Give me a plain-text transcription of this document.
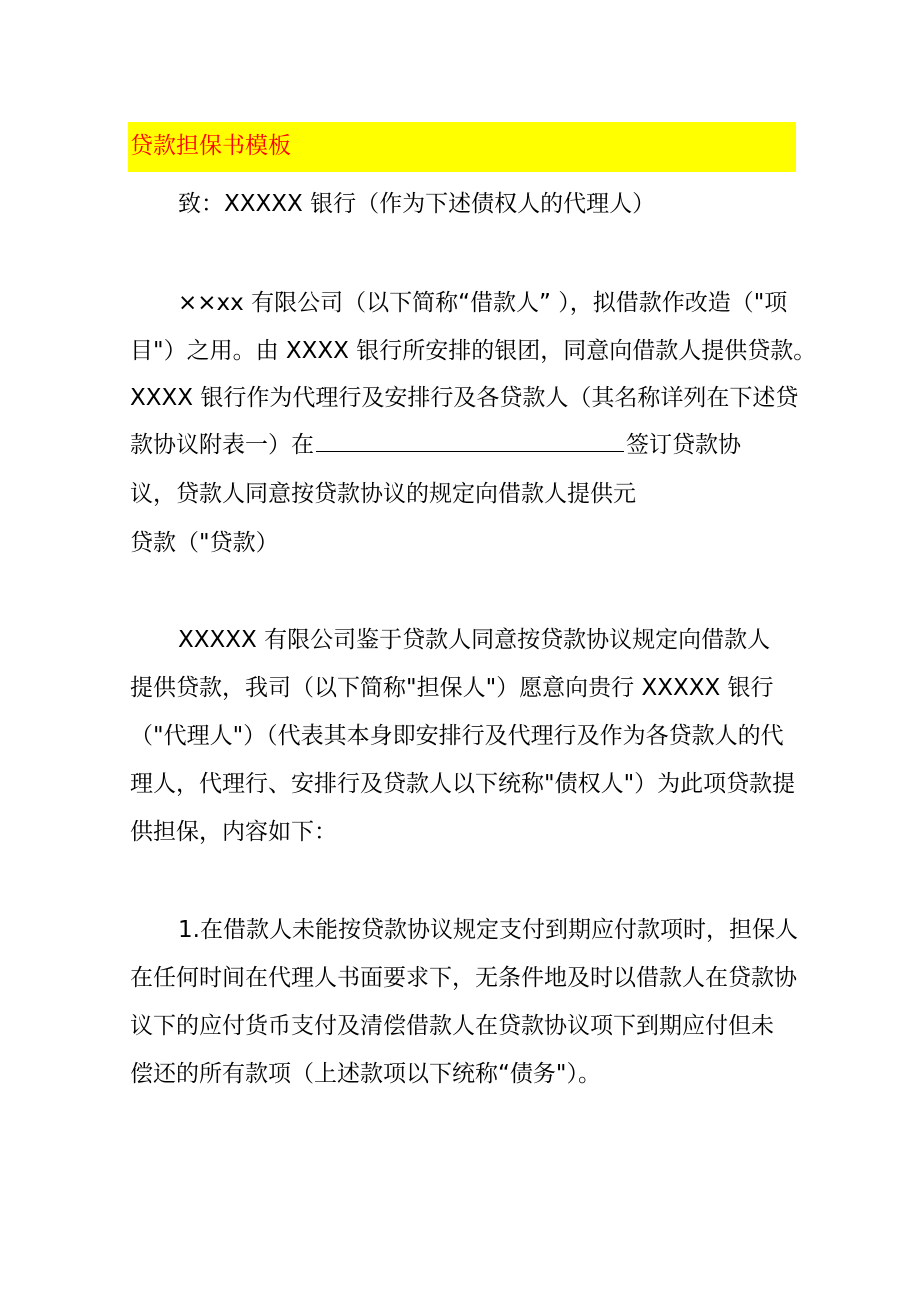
贷款担保书模板
致：XXXXX 银行（作为下述债权人的代理人）
××xx 有限公司（以下简称“借款人” ），拟借款作改造（"项
目"）之用。由 XXXX 银行所安排的银团，同意向借款人提供贷款。
XXXX 银行作为代理行及安排行及各贷款人（其名称详列在下述贷
款协议附表一）在	签订贷款协
议，贷款人同意按贷款协议的规定向借款人提供元
贷款（"贷款）
XXXXX 有限公司鉴于贷款人同意按贷款协议规定向借款人
提供贷款，我司（以下简称"担保人"）愿意向贵行 XXXXX 银行
（"代理人"）（代表其本身即安排行及代理行及作为各贷款人的代
理人，代理行、安排行及贷款人以下统称"债权人"）为此项贷款提
供担保，内容如下：
1.在借款人未能按贷款协议规定支付到期应付款项时，担保人
在任何时间在代理人书面要求下，无条件地及时以借款人在贷款协
议下的应付货币支付及清偿借款人在贷款协议项下到期应付但未
偿还的所有款项（上述款项以下统称“债务"）。
